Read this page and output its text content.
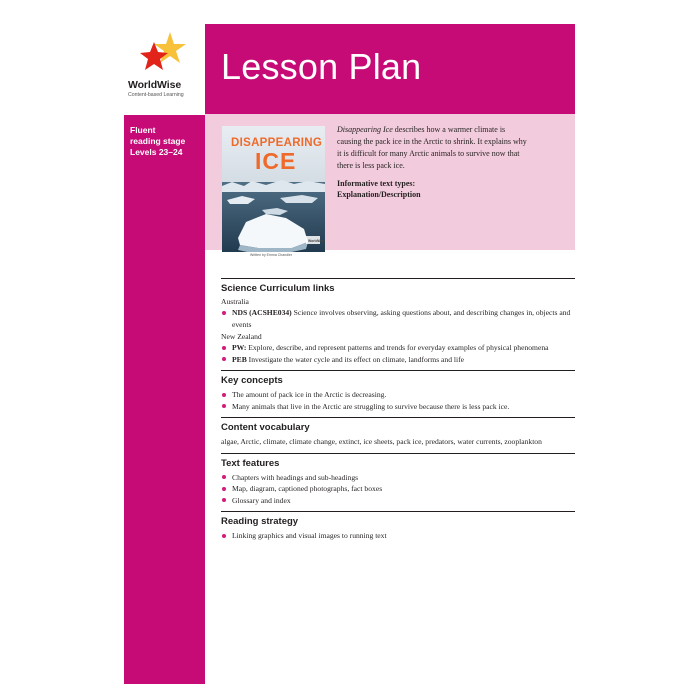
WorldWise
Content-based Learning
Lesson Plan
Fluent
reading stage
Levels 23–24
DISAPPEARING
ICE
Written by Emma Chandler
WorldWise

Disappearing Ice describes how a warmer climate is causing the pack ice in the Arctic to shrink. It explains why it is difficult for many Arctic animals to survive now that there is less pack ice.

Informative text types:
Explanation/Description
Science Curriculum links
Australia
NDS (ACSHE034) Science involves observing, asking questions about, and describing changes in, objects and events
New Zealand
PW: Explore, describe, and represent patterns and trends for everyday examples of physical phenomena
PEB Investigate the water cycle and its effect on climate, landforms and life
Key concepts
The amount of pack ice in the Arctic is decreasing.
Many animals that live in the Arctic are struggling to survive because there is less pack ice.
Content vocabulary

algae, Arctic, climate, climate change, extinct, ice sheets, pack ice, predators, water currents, zooplankton

Text features
Chapters with headings and sub-headings
Map, diagram, captioned photographs, fact boxes
Glossary and index
Reading strategy
Linking graphics and visual images to running text
